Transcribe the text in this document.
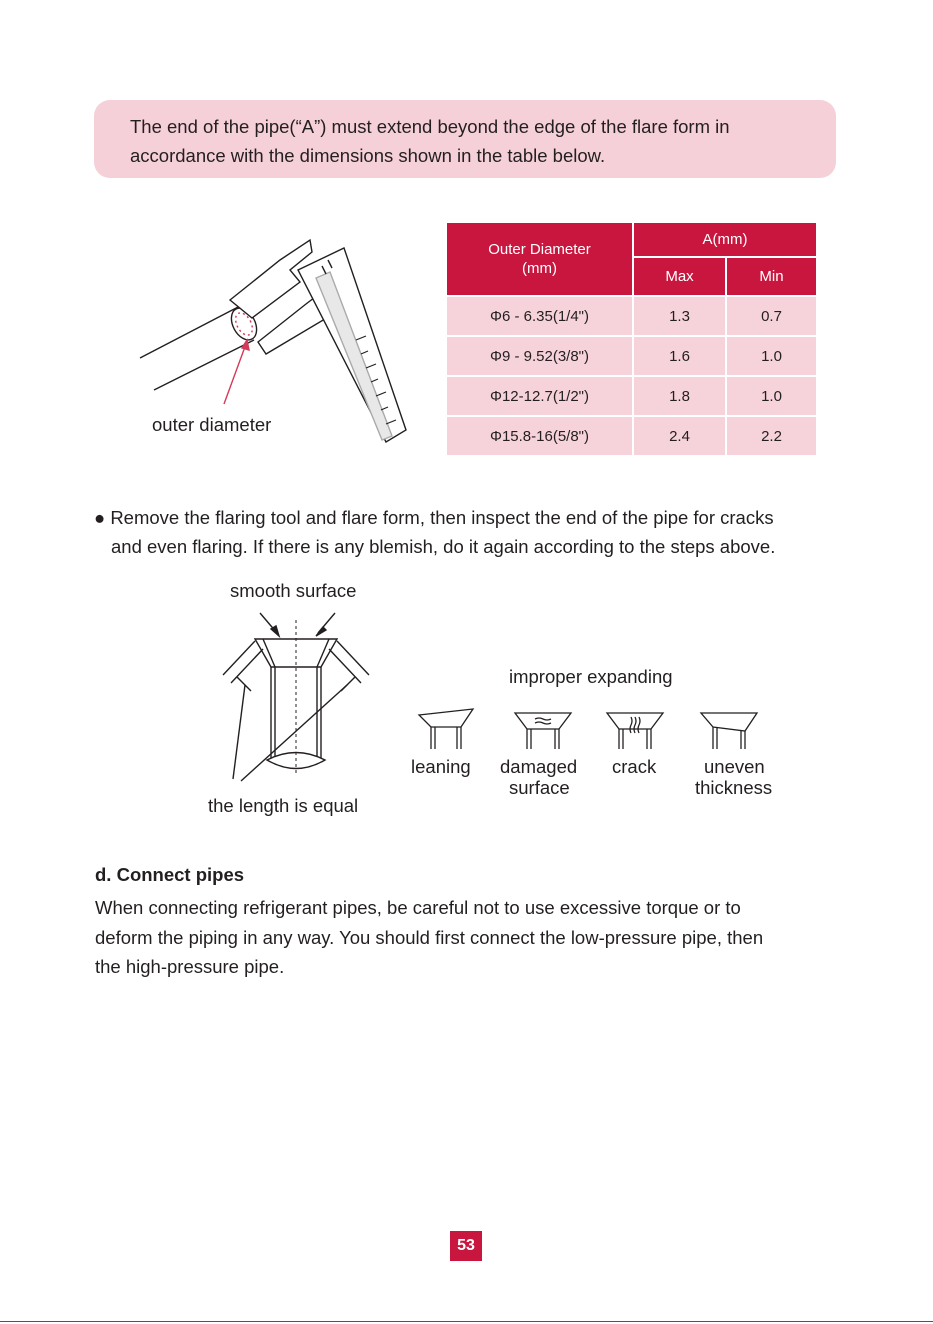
The end of the pipe(“A”) must extend beyond the edge of the flare form in

accordance with the dimensions shown in the table below.

outer diameter
Outer Diameter
(mm)	A(mm)	
	Max	Min
Φ6 - 6.35(1/4")	1.3	0.7
Φ9 - 9.52(3/8")	1.6	1.0
Φ12-12.7(1/2")	1.8	1.0
Φ15.8-16(5/8")	2.4	2.2

● Remove the flaring tool and flare form, then inspect the end of the pipe for cracks

and even flaring. If there is any blemish, do it again according to the steps above.

smooth surface
the length is equal
improper expanding
leaning damaged
surface
crack	uneven
thickness
d. Connect pipes

When connecting refrigerant pipes, be careful not to use excessive torque or to

deform the piping in any way. You should first connect the low-pressure pipe, then

the high-pressure pipe.

53
